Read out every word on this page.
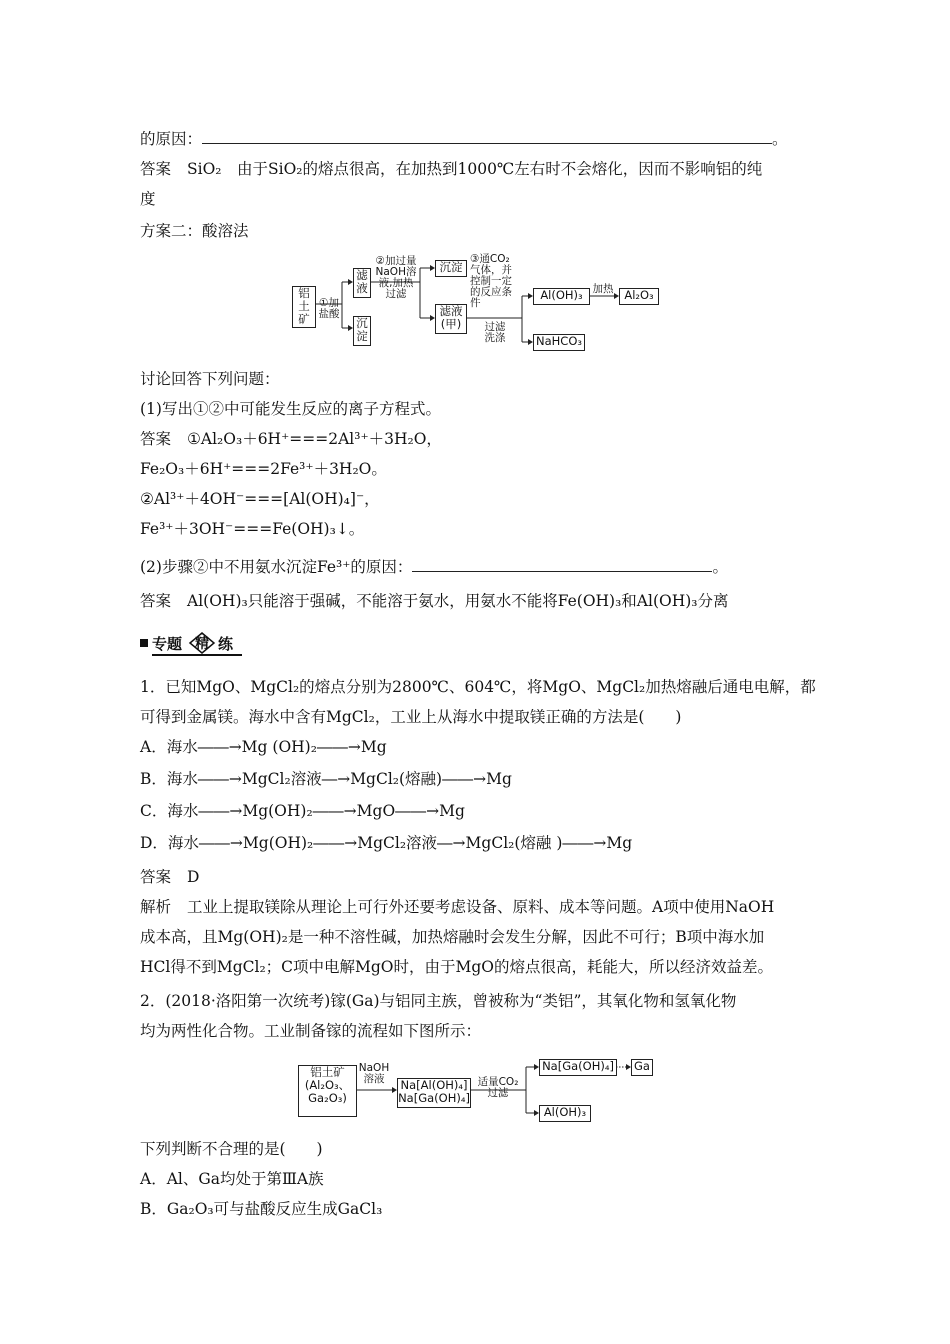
的原因：	。
答案 SiO₂　由于SiO₂的熔点很高，在加热到1000℃左右时不会熔化，因而不影响铝的纯
度
方案二：酸溶法
铝
土
矿
①加
盐酸
滤
液
沉
淀
②加过量
NaOH溶
液,加热
过滤
沉淀
滤液
(甲)
③通CO₂
气体，并
控制一定
的反应条
件
过滤
洗涤
Al(OH)₃ 加热 Al₂O₃
NaHCO₃
讨论回答下列问题：
(1)写出①②中可能发生反应的离子方程式。
答案 ①Al₂O₃＋6H⁺===2Al³⁺＋3H₂O，
Fe₂O₃＋6H⁺===2Fe³⁺＋3H₂O。
②Al³⁺＋4OH⁻===[Al(OH)₄]⁻，
Fe³⁺＋3OH⁻===Fe(OH)₃↓。
(2)步骤②中不用氨水沉淀Fe³⁺的原因：	。
答案 Al(OH)₃只能溶于强碱，不能溶于氨水，用氨水不能将Fe(OH)₃和Al(OH)₃分离
专题 精 练
1．已知MgO、MgCl₂的熔点分别为2800℃、604℃，将MgO、MgCl₂加热熔融后通电电解，都
可得到金属镁。海水中含有MgCl₂，工业上从海水中提取镁正确的方法是(　　)
A．海水――→Mg (OH)₂――→Mg
B．海水――→MgCl₂溶液―→MgCl₂(熔融)――→Mg
C．海水――→Mg(OH)₂――→MgO――→Mg
D．海水――→Mg(OH)₂――→MgCl₂溶液―→MgCl₂(熔融 )――→Mg
答案 D
解析 工业上提取镁除从理论上可行外还要考虑设备、原料、成本等问题。A项中使用NaOH
成本高，且Mg(OH)₂是一种不溶性碱，加热熔融时会发生分解，因此不可行；B项中海水加
HCl得不到MgCl₂；C项中电解MgO时，由于MgO的熔点很高，耗能大，所以经济效益差。
2．(2018·洛阳第一次统考)镓(Ga)与铝同主族，曾被称为“类铝”，其氧化物和氢氧化物
均为两性化合物。工业制备镓的流程如下图所示：
铝土矿
(Al₂O₃、
Ga₂O₃)
NaOH
溶液	Na[Al(OH)₄]
Na[Ga(OH)₄]
适量CO₂
过滤
Na[Ga(OH)₄] Ga
Al(OH)₃
下列判断不合理的是(　　)
A．Al、Ga均处于第ⅢA族
B．Ga₂O₃可与盐酸反应生成GaCl₃
